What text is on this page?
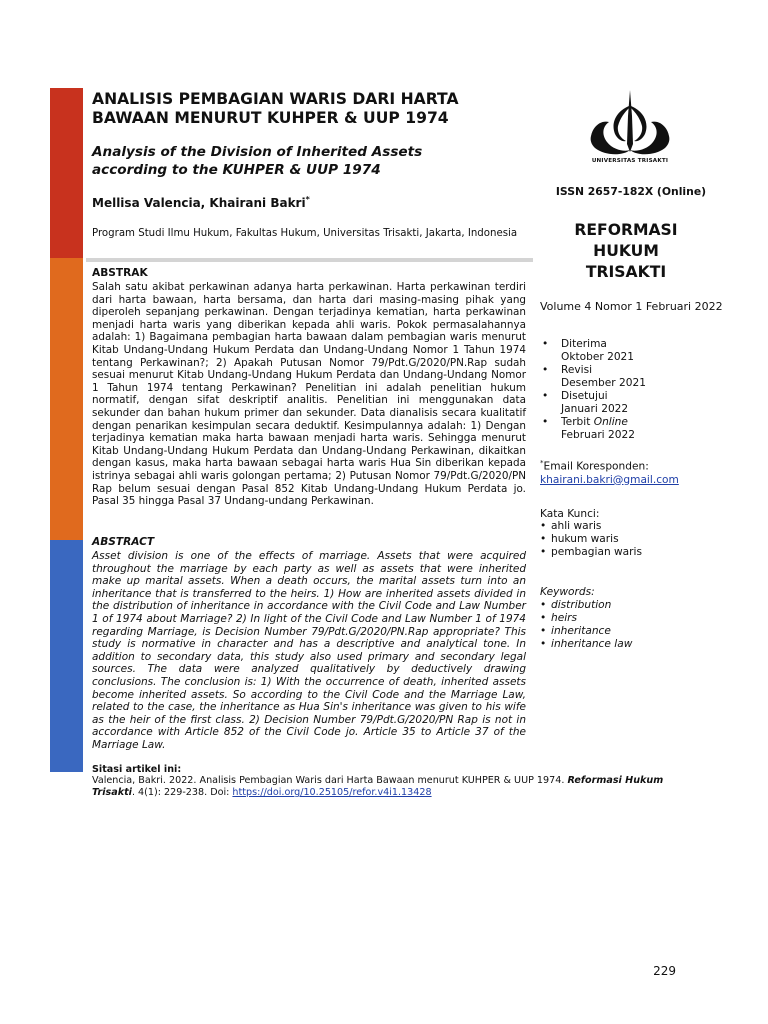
ANALISIS PEMBAGIAN WARIS DARI HARTA
BAWAAN MENURUT KUHPER & UUP 1974
Analysis of the Division of Inherited Assets
according to the KUHPER & UUP 1974
Mellisa Valencia, Khairani Bakri*
Program Studi Ilmu Hukum, Fakultas Hukum, Universitas Trisakti, Jakarta, Indonesia
ABSTRAK

Salah satu akibat perkawinan adanya harta perkawinan. Harta perkawinan terdiri dari harta bawaan, harta bersama, dan harta dari masing-masing pihak yang diperoleh sepanjang perkawinan. Dengan terjadinya kematian, harta perkawinan menjadi harta waris yang diberikan kepada ahli waris. Pokok permasalahannya adalah: 1) Bagaimana pembagian harta bawaan dalam pembagian waris menurut Kitab Undang-Undang Hukum Perdata dan Undang-Undang Nomor 1 Tahun 1974 tentang Perkawinan?; 2) Apakah Putusan Nomor 79/Pdt.G/2020/PN.Rap sudah sesuai menurut Kitab Undang-Undang Hukum Perdata dan Undang-Undang Nomor 1 Tahun 1974 tentang Perkawinan? Penelitian ini adalah penelitian hukum normatif, dengan sifat deskriptif analitis. Penelitian ini menggunakan data sekunder dan bahan hukum primer dan sekunder. Data dianalisis secara kualitatif dengan penarikan kesimpulan secara deduktif. Kesimpulannya adalah: 1) Dengan terjadinya kematian maka harta bawaan menjadi harta waris. Sehingga menurut Kitab Undang-Undang Hukum Perdata dan Undang-Undang Perkawinan, dikaitkan dengan kasus, maka harta bawaan sebagai harta waris Hua Sin diberikan kepada istrinya sebagai ahli waris golongan pertama; 2) Putusan Nomor 79/Pdt.G/2020/PN Rap belum sesuai dengan Pasal 852 Kitab Undang-Undang Hukum Perdata jo. Pasal 35 hingga Pasal 37 Undang-undang Perkawinan.

ABSTRACT

Asset division is one of the effects of marriage. Assets that were acquired throughout the marriage by each party as well as assets that were inherited make up marital assets. When a death occurs, the marital assets turn into an inheritance that is transferred to the heirs. 1) How are inherited assets divided in the distribution of inheritance in accordance with the Civil Code and Law Number 1 of 1974 about Marriage? 2) In light of the Civil Code and Law Number 1 of 1974 regarding Marriage, is Decision Number 79/Pdt.G/2020/PN.Rap appropriate? This study is normative in character and has a descriptive and analytical tone. In addition to secondary data, this study also used primary and secondary legal sources. The data were analyzed qualitatively by deductively drawing conclusions. The conclusion is: 1) With the occurrence of death, inherited assets become inherited assets. So according to the Civil Code and the Marriage Law, related to the case, the inheritance as Hua Sin's inheritance was given to his wife as the heir of the first class. 2) Decision Number 79/Pdt.G/2020/PN Rap is not in accordance with Article 852 of the Civil Code jo. Article 35 to Article 37 of the Marriage Law.

Sitasi artikel ini:
Valencia, Bakri. 2022. Analisis Pembagian Waris dari Harta Bawaan menurut KUHPER & UUP 1974. Reformasi Hukum Trisakti. 4(1): 229-238. Doi: https://doi.org/10.25105/refor.v4i1.13428
UNIVERSITAS TRISAKTI
ISSN 2657-182X (Online)
REFORMASI
HUKUM
TRISAKTI
Volume 4 Nomor 1 Februari 2022
• Diterima
Oktober 2021
• Revisi
Desember 2021
• Disetujui
Januari 2022
• Terbit Online
Februari 2022
*Email Koresponden:
khairani.bakri@gmail.com
Kata Kunci:
• ahli waris
• hukum waris
• pembagian waris
Keywords:
• distribution
• heirs
• inheritance
• inheritance law
229
